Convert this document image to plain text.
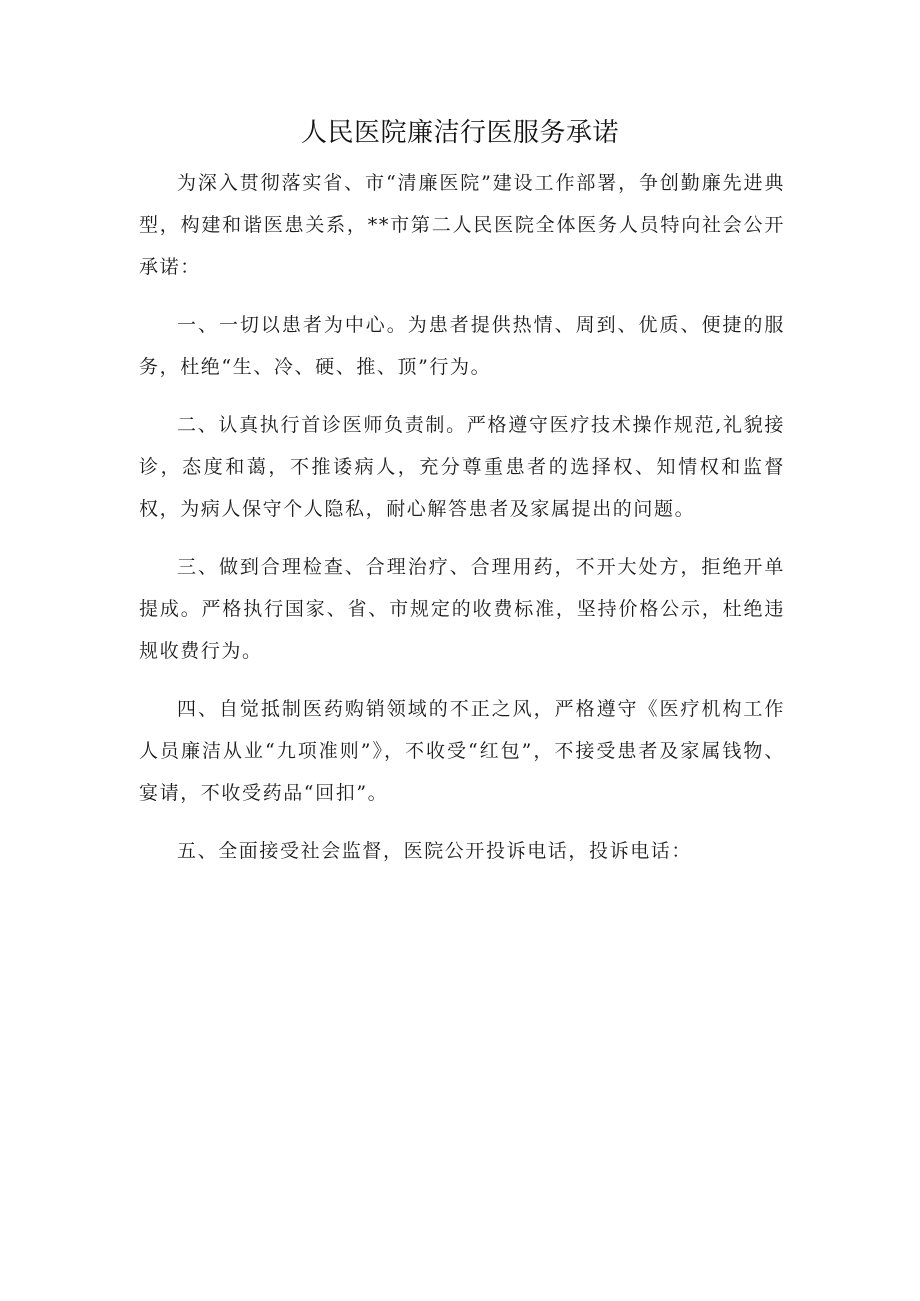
人民医院廉洁行医服务承诺

为深入贯彻落实省、市“清廉医院”建设工作部署，争创勤廉先进典型，构建和谐医患关系，**市第二人民医院全体医务人员特向社会公开承诺：

一、一切以患者为中心。为患者提供热情、周到、优质、便捷的服务，杜绝“生、冷、硬、推、顶”行为。

二、认真执行首诊医师负责制。严格遵守医疗技术操作规范,礼貌接诊，态度和蔼，不推诿病人，充分尊重患者的选择权、知情权和监督权，为病人保守个人隐私，耐心解答患者及家属提出的问题。

三、做到合理检查、合理治疗、合理用药，不开大处方，拒绝开单提成。严格执行国家、省、市规定的收费标准，坚持价格公示，杜绝违规收费行为。

四、自觉抵制医药购销领域的不正之风，严格遵守《医疗机构工作人员廉洁从业“九项准则”》，不收受“红包”，不接受患者及家属钱物、宴请，不收受药品“回扣”。

五、全面接受社会监督，医院公开投诉电话，投诉电话：
